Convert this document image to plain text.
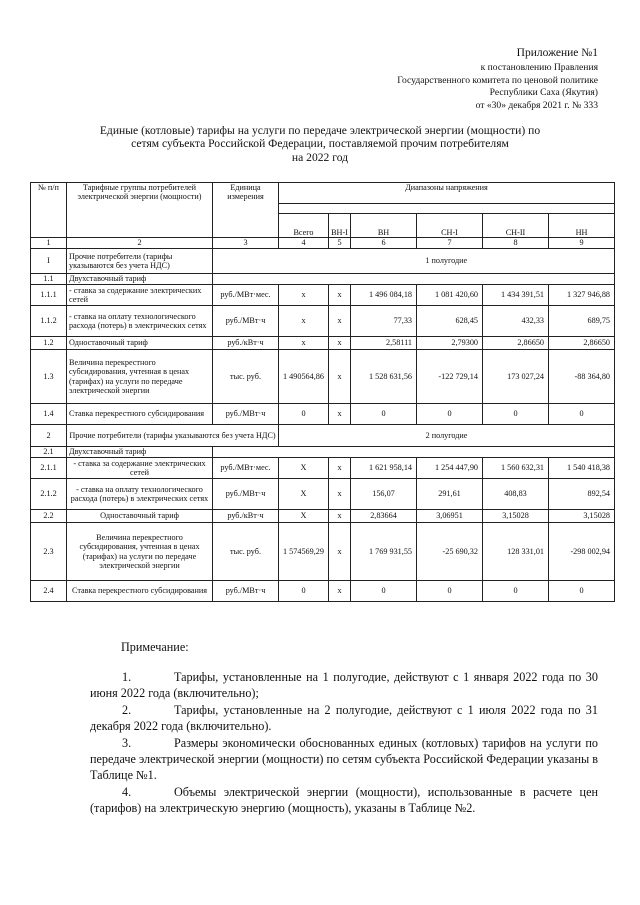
Приложение №1
к постановлению Правления
Государственного комитета по ценовой политике
Республики Саха (Якутия)
от «30» декабря 2021 г. № 333
Единые (котловые) тарифы на услуги по передаче электрической энергии (мощности) по
сетям субъекта Российской Федерации, поставляемой прочим потребителям
на 2022 год
№ п/п	Тарифные группы потребителей электрической энергии (мощности)	Единица измерения	Диапазоны напряжения					

			Всего	ВН-I	ВН	СН-I	СН-II	НН
1	2	3	4	5	6	7	8	9
I	Прочие потребители (тарифы указываются без учета НДС)		1 полугодие					
1.1	Двухставочный тариф							
1.1.1	- ставка за содержание электрических сетей	руб./МВт·мес.	х	х	1 496 084,18	1 081 420,60	1 434 391,51	1 327 946,88
1.1.2	- ставка на оплату технологического расхода (потерь) в электрических сетях	руб./МВт·ч	х	х	77,33	628,45	432,33	689,75
1.2	Одноставочный тариф	руб./кВт·ч	х	х	2,58111	2,79300	2,86650	2,86650
1.3	Величина перекрестного субсидирования, учтенная в ценах (тарифах) на услуги по передаче электрической энергии	тыс. руб.	1 490564,86	х	1 528 631,56	-122 729,14	173 027,24	-88 364,80
1.4	Ставка перекрестного субсидирования	руб./МВт·ч	0	х	0	0	0	0
2	Прочие потребители (тарифы указываются без учета НДС)		2 полугодие					
2.1	Двухставочный тариф							
2.1.1	- ставка за содержание электрических сетей	руб./МВт·мес.	Х	х	1 621 958,14	1 254 447,90	1 560 632,31	1 540 418,38
2.1.2	- ставка на оплату технологического расхода (потерь) в электрических сетях	руб./МВт·ч	Х	х	156,07	291,61	408,83	892,54
2.2	Одноставочный тариф	руб./кВт·ч	Х	х	2,83664	3,06951	3,15028	3,15028
2.3	Величина перекрестного субсидирования, учтенная в ценах (тарифах) на услуги по передаче электрической энергии	тыс. руб.	1 574569,29	х	1 769 931,55	-25 690,32	128 331,01	-298 002,94
2.4	Ставка перекрестного субсидирования	руб./МВт·ч	0	х	0	0	0	0
Примечание:

1.	Тарифы, установленные на 1 полугодие, действуют с 1 января 2022 года по 30 июня 2022 года (включительно);

2.	Тарифы, установленные на 2 полугодие, действуют с 1 июля 2022 года по 31 декабря 2022 года (включительно).

3.	Размеры экономически обоснованных единых (котловых) тарифов на услуги по передаче электрической энергии (мощности) по сетям субъекта Российской Федерации указаны в Таблице №1.

4.	Объемы электрической энергии (мощности), использованные в расчете цен (тарифов) на электрическую энергию (мощность), указаны в Таблице №2.
